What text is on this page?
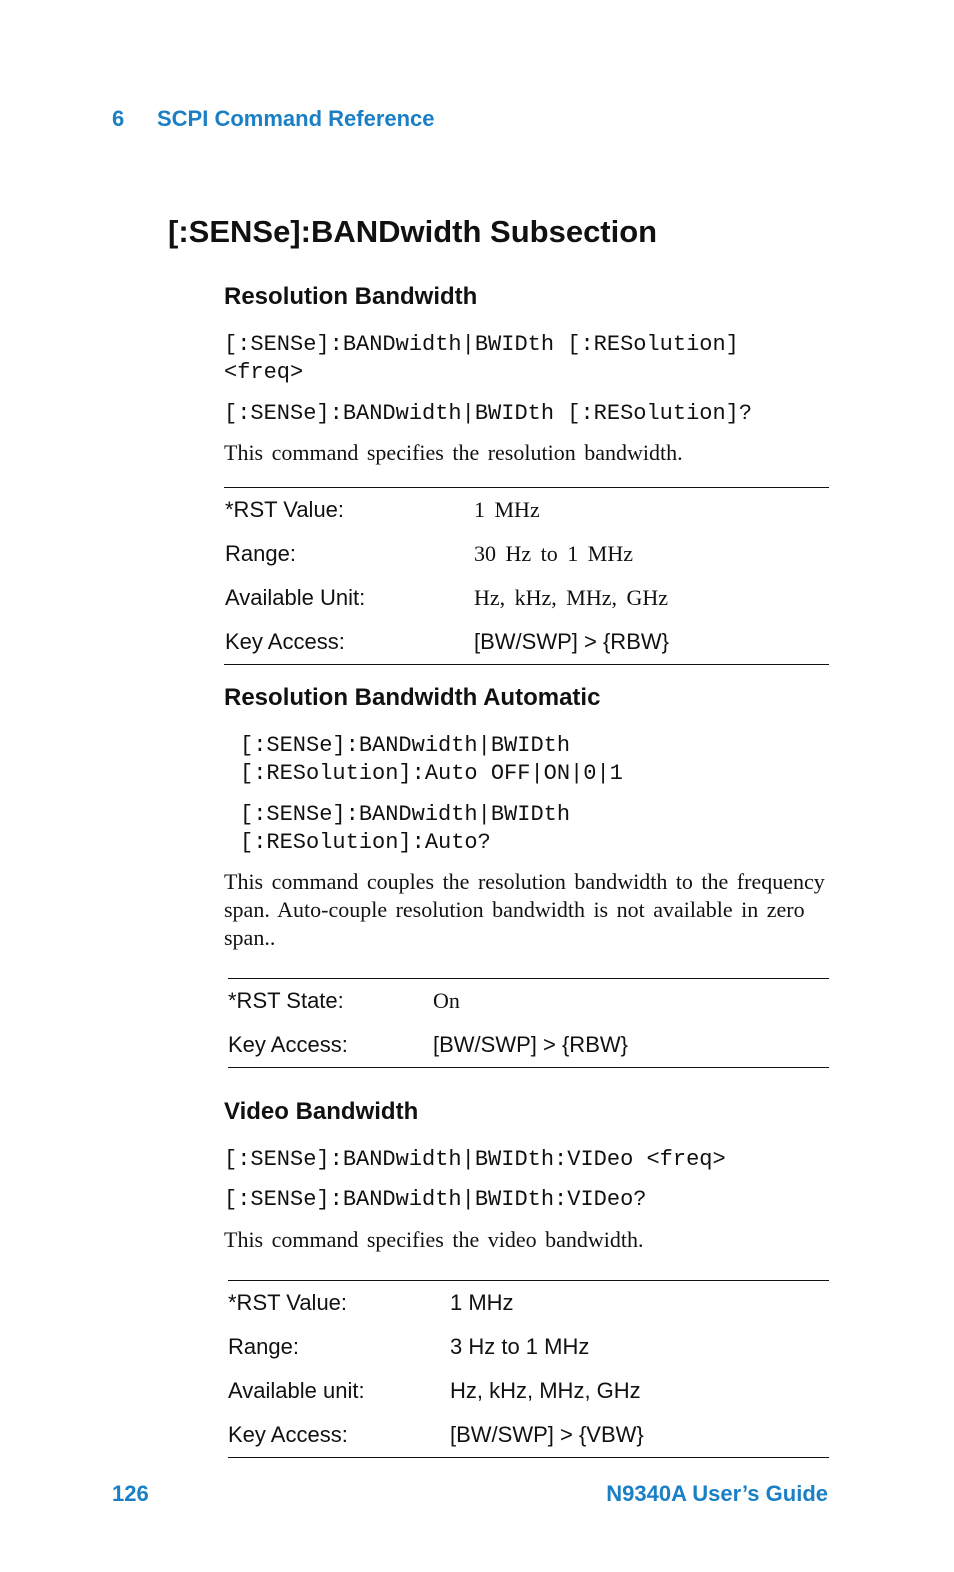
6 SCPI Command Reference
[:SENSe]:BANDwidth Subsection
Resolution Bandwidth
[:SENSe]:BANDwidth|BWIDth [:RESolution]
<freq>
[:SENSe]:BANDwidth|BWIDth [:RESolution]?
This command specifies the resolution bandwidth.
*RST Value:	1 MHz
Range:	30 Hz to 1 MHz
Available Unit:	Hz, kHz, MHz, GHz
Key Access:	[BW/SWP] > {RBW}
Resolution Bandwidth Automatic
[:SENSe]:BANDwidth|BWIDth
[:RESolution]:Auto OFF|ON|0|1
[:SENSe]:BANDwidth|BWIDth
[:RESolution]:Auto?
This command couples the resolution bandwidth to the frequency span. Auto-couple resolution bandwidth is not available in zero span..
*RST State:	On
Key Access:	[BW/SWP] > {RBW}
Video Bandwidth
[:SENSe]:BANDwidth|BWIDth:VIDeo <freq>
[:SENSe]:BANDwidth|BWIDth:VIDeo?
This command specifies the video bandwidth.
*RST Value:	1 MHz
Range:	3 Hz to 1 MHz
Available unit:	Hz, kHz, MHz, GHz
Key Access:	[BW/SWP] > {VBW}
126	N9340A User’s Guide
